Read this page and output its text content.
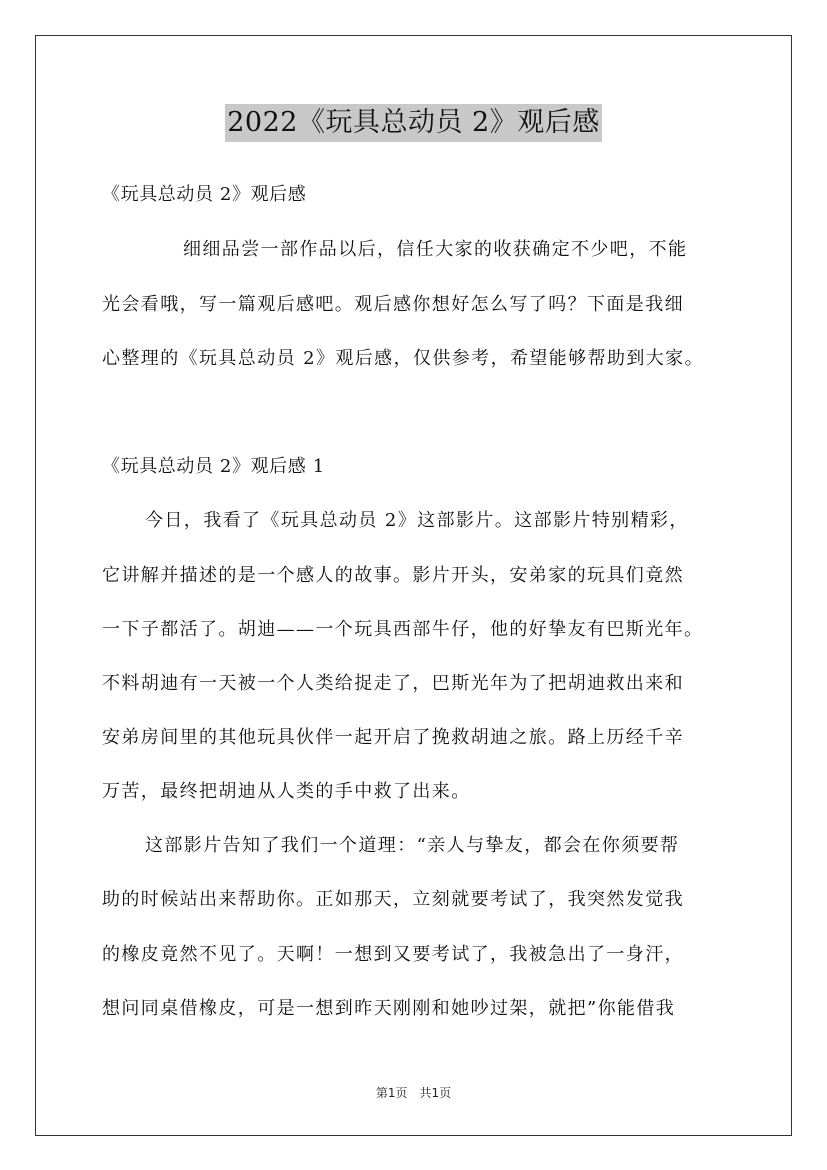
2022《玩具总动员 2》观后感
《玩具总动员 2》观后感
细细品尝一部作品以后，信任大家的收获确定不少吧，不能
光会看哦，写一篇观后感吧。观后感你想好怎么写了吗？下面是我细
心整理的《玩具总动员 2》观后感，仅供参考，希望能够帮助到大家。
《玩具总动员 2》观后感 1
今日，我看了《玩具总动员 2》这部影片。这部影片特别精彩，
它讲解并描述的是一个感人的故事。影片开头，安弟家的玩具们竟然
一下子都活了。胡迪——一个玩具西部牛仔，他的好挚友有巴斯光年。
不料胡迪有一天被一个人类给捉走了，巴斯光年为了把胡迪救出来和
安弟房间里的其他玩具伙伴一起开启了挽救胡迪之旅。路上历经千辛
万苦，最终把胡迪从人类的手中救了出来。
这部影片告知了我们一个道理：“亲人与挚友，都会在你须要帮
助的时候站出来帮助你。正如那天，立刻就要考试了，我突然发觉我
的橡皮竟然不见了。天啊！一想到又要考试了，我被急出了一身汗，
想问同桌借橡皮，可是一想到昨天刚刚和她吵过架，就把”你能借我
第1页 共1页
